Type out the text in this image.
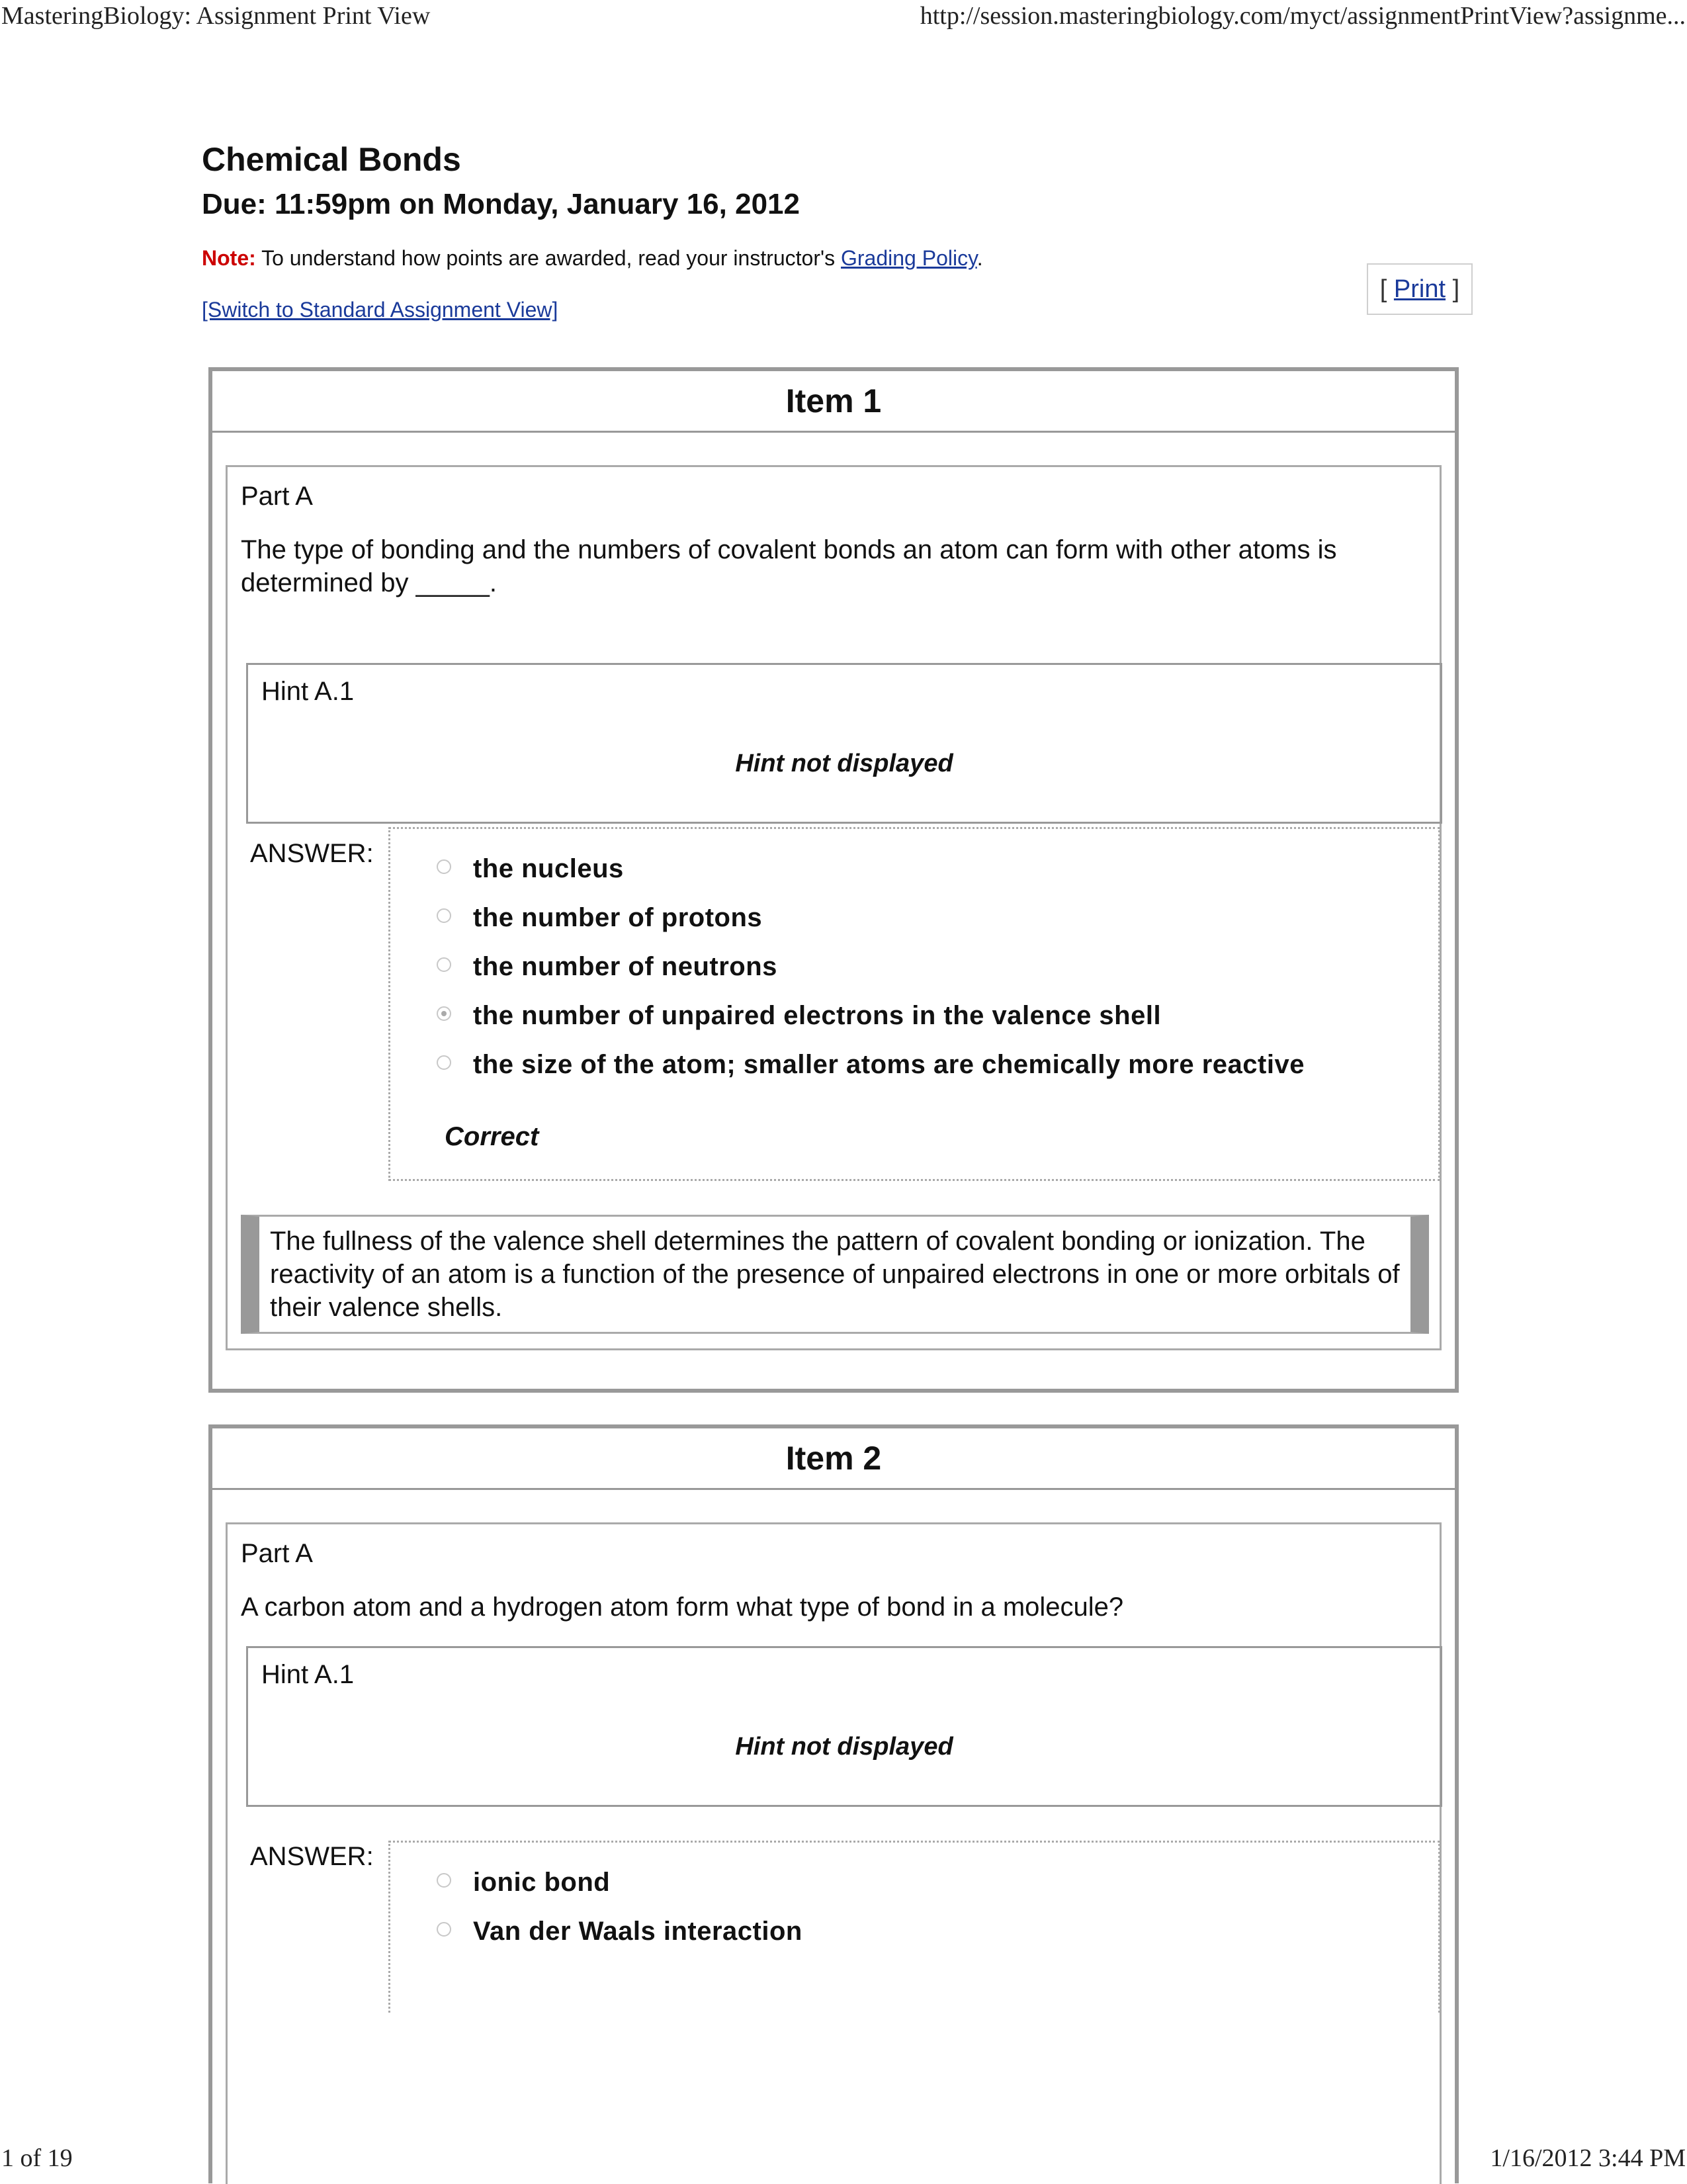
MasteringBiology: Assignment Print View	http://session.masteringbiology.com/myct/assignmentPrintView?assignme...
Chemical Bonds
Due: 11:59pm on Monday, January 16, 2012
Note: To understand how points are awarded, read your instructor's Grading Policy.
[Switch to Standard Assignment View]
[ Print ]
Item 1
Part A
The type of bonding and the numbers of covalent bonds an atom can form with other atoms is determined by _____.
Hint A.1
Hint not displayed
ANSWER:
the nucleus
the number of protons
the number of neutrons
the number of unpaired electrons in the valence shell
the size of the atom; smaller atoms are chemically more reactive
Correct
The fullness of the valence shell determines the pattern of covalent bonding or ionization. The reactivity of an atom is a function of the presence of unpaired electrons in one or more orbitals of their valence shells.
Item 2
Part A
A carbon atom and a hydrogen atom form what type of bond in a molecule?
Hint A.1
Hint not displayed
ANSWER:
ionic bond
Van der Waals interaction
1 of 19	1/16/2012 3:44 PM
